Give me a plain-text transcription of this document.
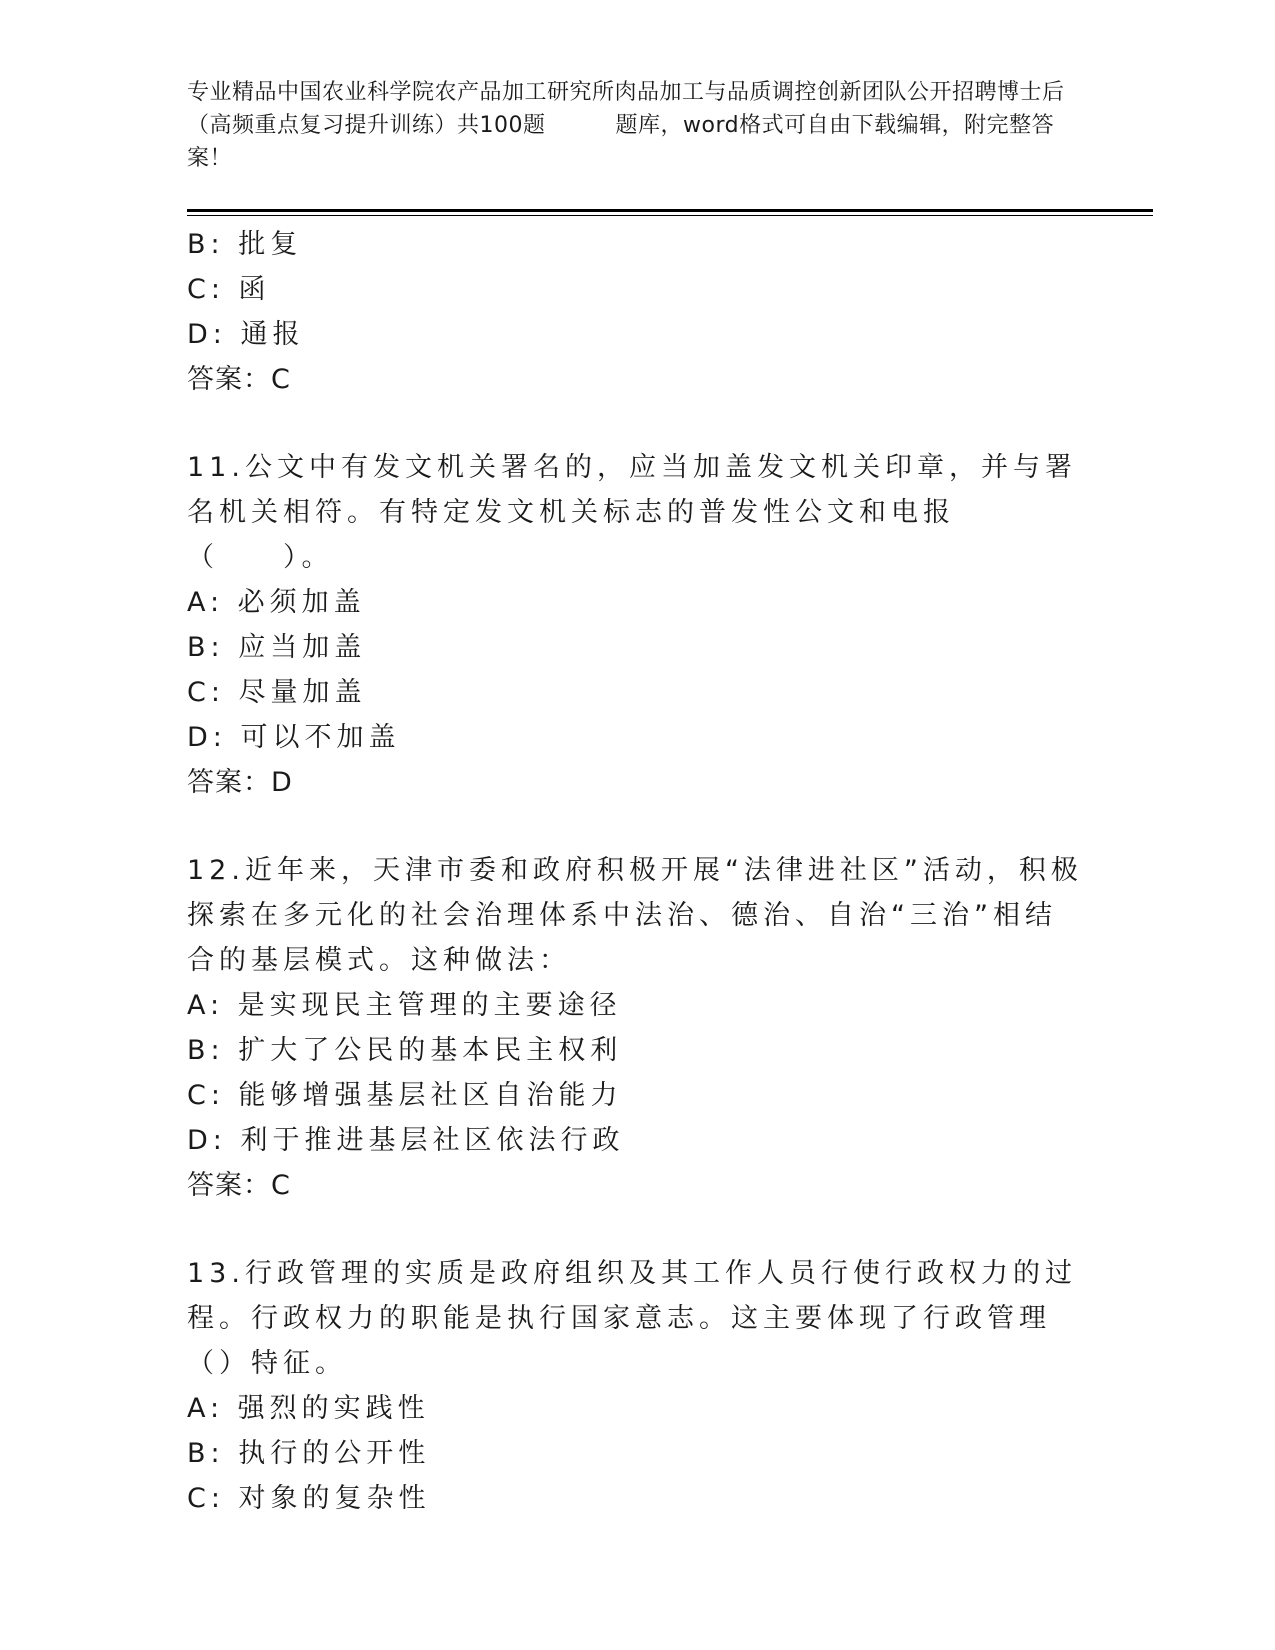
专业精品中国农业科学院农产品加工研究所肉品加工与品质调控创新团队公开招聘博士后（高频重点复习提升训练）共100题	题库，word格式可自由下载编辑，附完整答案！
B: 批复
C: 函
D: 通报
答案：C
11.公文中有发文机关署名的，应当加盖发文机关印章，并与署名机关相符。有特定发文机关标志的普发性公文和电报（　　）。
A: 必须加盖
B: 应当加盖
C: 尽量加盖
D: 可以不加盖
答案：D
12.近年来，天津市委和政府积极开展“法律进社区”活动，积极探索在多元化的社会治理体系中法治、德治、自治“三治”相结合的基层模式。这种做法：
A: 是实现民主管理的主要途径
B: 扩大了公民的基本民主权利
C: 能够增强基层社区自治能力
D: 利于推进基层社区依法行政
答案：C
13.行政管理的实质是政府组织及其工作人员行使行政权力的过程。行政权力的职能是执行国家意志。这主要体现了行政管理（）特征。
A: 强烈的实践性
B: 执行的公开性
C: 对象的复杂性
